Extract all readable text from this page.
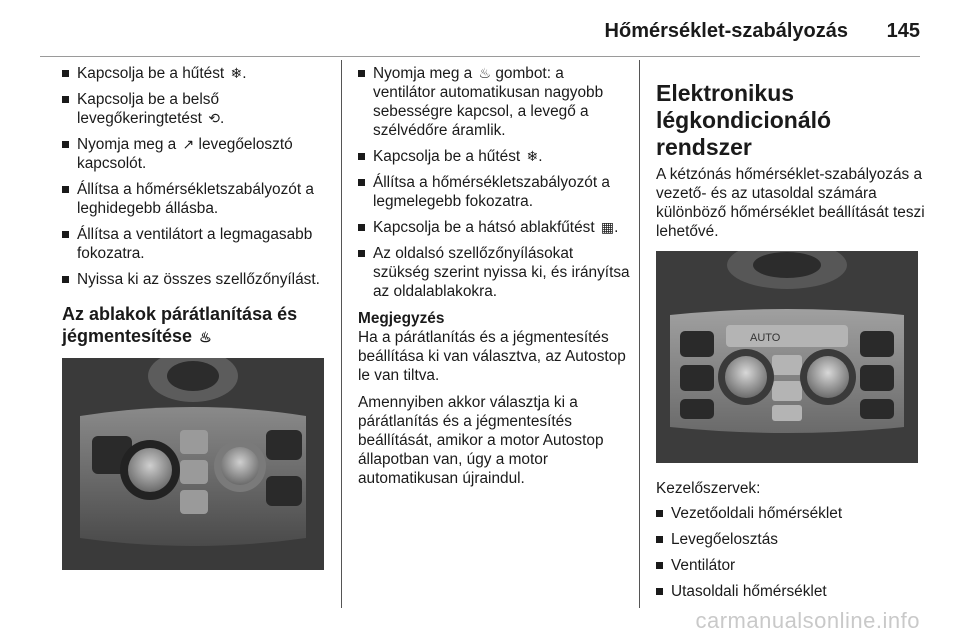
Hőmérséklet-szabályozás 145
Kapcsolja be a hűtést ❄.
Kapcsolja be a belső levegőkeringtetést ⟲.
Nyomja meg a ↗ levegőelosztó kapcsolót.
Állítsa a hőmérsékletszabályozót a leghidegebb állásba.
Állítsa a ventilátort a legmagasabb fokozatra.
Nyissa ki az összes szellőzőnyílást.
Az ablakok párátlanítása és jégmentesítése ♨
Nyomja meg a ♨ gombot: a ventilátor automatikusan nagyobb sebességre kapcsol, a levegő a szélvédőre áramlik.
Kapcsolja be a hűtést ❄.
Állítsa a hőmérsékletszabályozót a legmelegebb fokozatra.
Kapcsolja be a hátsó ablakfűtést ▦.
Az oldalsó szellőzőnyílásokat szükség szerint nyissa ki, és irányítsa az oldalablakokra.
Megjegyzés

Ha a párátlanítás és a jégmentesítés beállítása ki van választva, az Autostop le van tiltva.

Amennyiben akkor választja ki a párátlanítás és a jégmentesítés beállítását, amikor a motor Autostop állapotban van, úgy a motor automatikusan újraindul.

Elektronikus légkondicionáló rendszer

A kétzónás hőmérséklet-szabályozás a vezető- és az utasoldal számára különböző hőmérséklet beállítását teszi lehetővé.

AUTO
Kezelőszervek:
Vezetőoldali hőmérséklet
Levegőelosztás
Ventilátor
Utasoldali hőmérséklet
carmanualsonline.info
